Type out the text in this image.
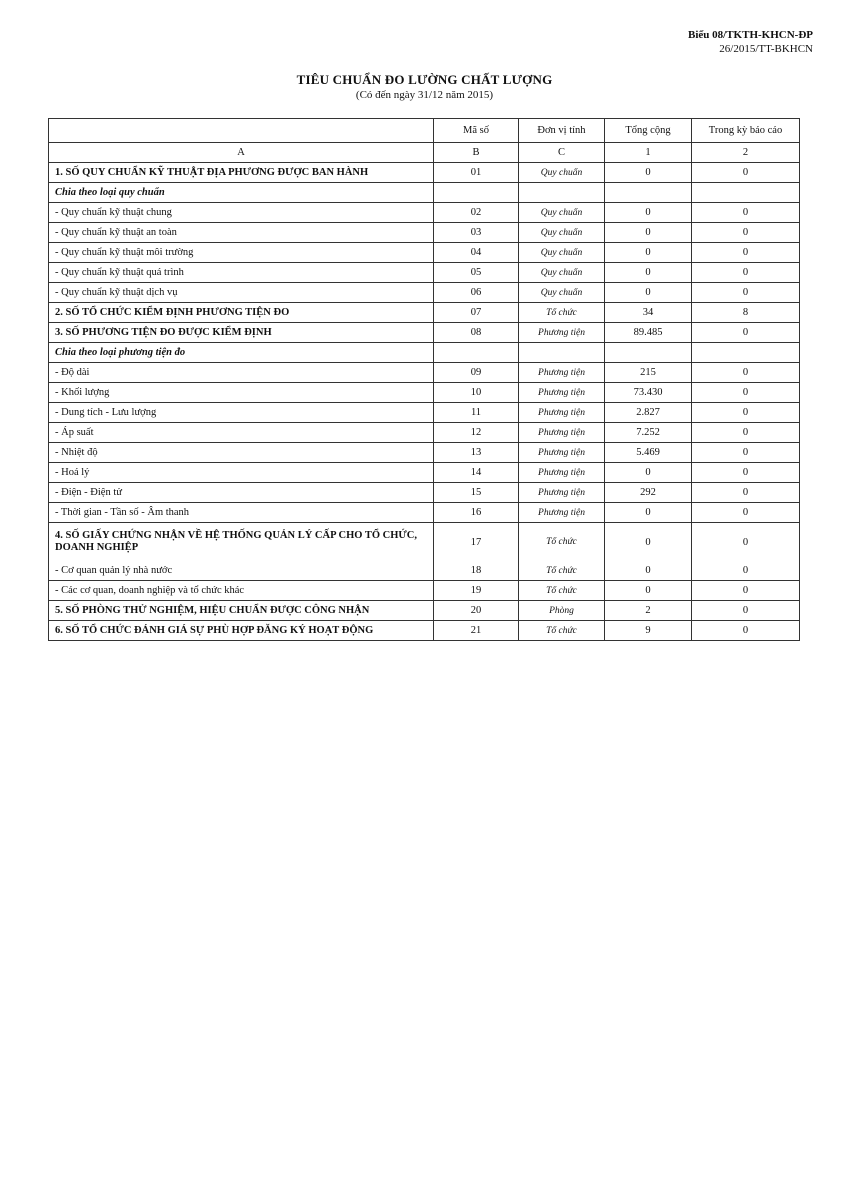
Biểu 08/TKTH-KHCN-ĐP
26/2015/TT-BKHCN
TIÊU CHUẨN ĐO LƯỜNG CHẤT LƯỢNG
(Có đến ngày 31/12 năm 2015)
	Mã số	Đơn vị tính	Tổng cộng	Trong kỳ báo cáo
A	B	C	1	2
1. SỐ QUY CHUẨN KỸ THUẬT ĐỊA PHƯƠNG ĐƯỢC BAN HÀNH	01	Quy chuẩn	0	0
Chia theo loại quy chuẩn				
- Quy chuẩn kỹ thuật chung	02	Quy chuẩn	0	0
- Quy chuẩn kỹ thuật an toàn	03	Quy chuẩn	0	0
- Quy chuẩn kỹ thuật môi trường	04	Quy chuẩn	0	0
- Quy chuẩn kỹ thuật quá trình	05	Quy chuẩn	0	0
- Quy chuẩn kỹ thuật dịch vụ	06	Quy chuẩn	0	0
2. SỐ TỔ CHỨC KIỂM ĐỊNH PHƯƠNG TIỆN ĐO	07	Tổ chức	34	8
3. SỐ PHƯƠNG TIỆN ĐO ĐƯỢC KIỂM ĐỊNH	08	Phương tiện	89.485	0
Chia theo loại phương tiện đo				
- Độ dài	09	Phương tiện	215	0
- Khối lượng	10	Phương tiện	73.430	0
- Dung tích - Lưu lượng	11	Phương tiện	2.827	0
- Áp suất	12	Phương tiện	7.252	0
- Nhiệt độ	13	Phương tiện	5.469	0
- Hoá lý	14	Phương tiện	0	0
- Điện - Điện tử	15	Phương tiện	292	0
- Thời gian - Tần số - Âm thanh	16	Phương tiện	0	0
4. SỐ GIẤY CHỨNG NHẬN VỀ HỆ THỐNG QUẢN LÝ CẤP CHO TỔ CHỨC, DOANH NGHIỆP	17	Tổ chức	0	0
- Cơ quan quản lý nhà nước	18	Tổ chức	0	0
- Các cơ quan, doanh nghiệp và tổ chức khác	19	Tổ chức	0	0
5. SỐ PHÒNG THỬ NGHIỆM, HIỆU CHUẨN ĐƯỢC CÔNG NHẬN	20	Phòng	2	0
6. SỐ TỔ CHỨC ĐÁNH GIÁ SỰ PHÙ HỢP ĐĂNG KÝ HOẠT ĐỘNG	21	Tổ chức	9	0
